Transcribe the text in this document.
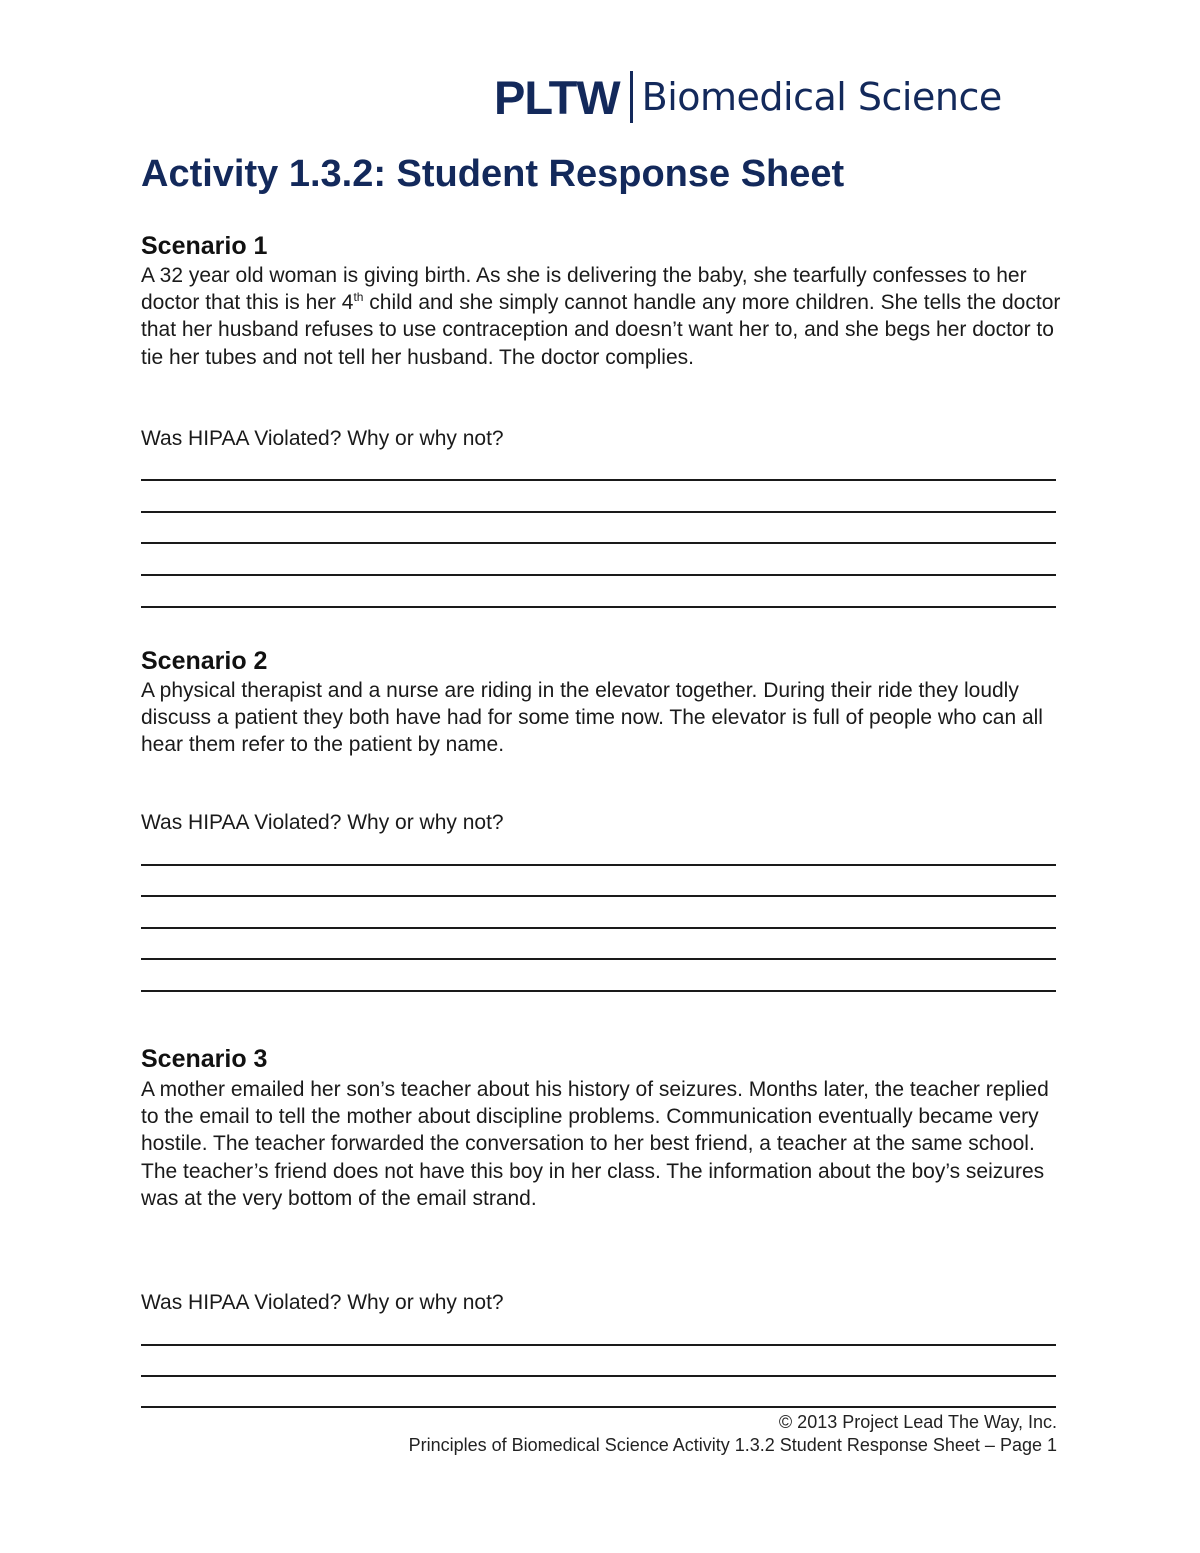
PLTW Biomedical Science
Activity 1.3.2: Student Response Sheet
Scenario 1

A 32 year old woman is giving birth. As she is delivering the baby, she tearfully confesses to her doctor that this is her 4th child and she simply cannot handle any more children. She tells the doctor that her husband refuses to use contraception and doesn’t want her to, and she begs her doctor to tie her tubes and not tell her husband. The doctor complies.

Was HIPAA Violated? Why or why not?

Scenario 2

A physical therapist and a nurse are riding in the elevator together. During their ride they loudly discuss a patient they both have had for some time now. The elevator is full of people who can all hear them refer to the patient by name.

Was HIPAA Violated? Why or why not?

Scenario 3

A mother emailed her son’s teacher about his history of seizures. Months later, the teacher replied to the email to tell the mother about discipline problems. Communication eventually became very hostile. The teacher forwarded the conversation to her best friend, a teacher at the same school. The teacher’s friend does not have this boy in her class. The information about the boy’s seizures was at the very bottom of the email strand.

Was HIPAA Violated? Why or why not?

© 2013 Project Lead The Way, Inc.
Principles of Biomedical Science Activity 1.3.2 Student Response Sheet – Page 1
